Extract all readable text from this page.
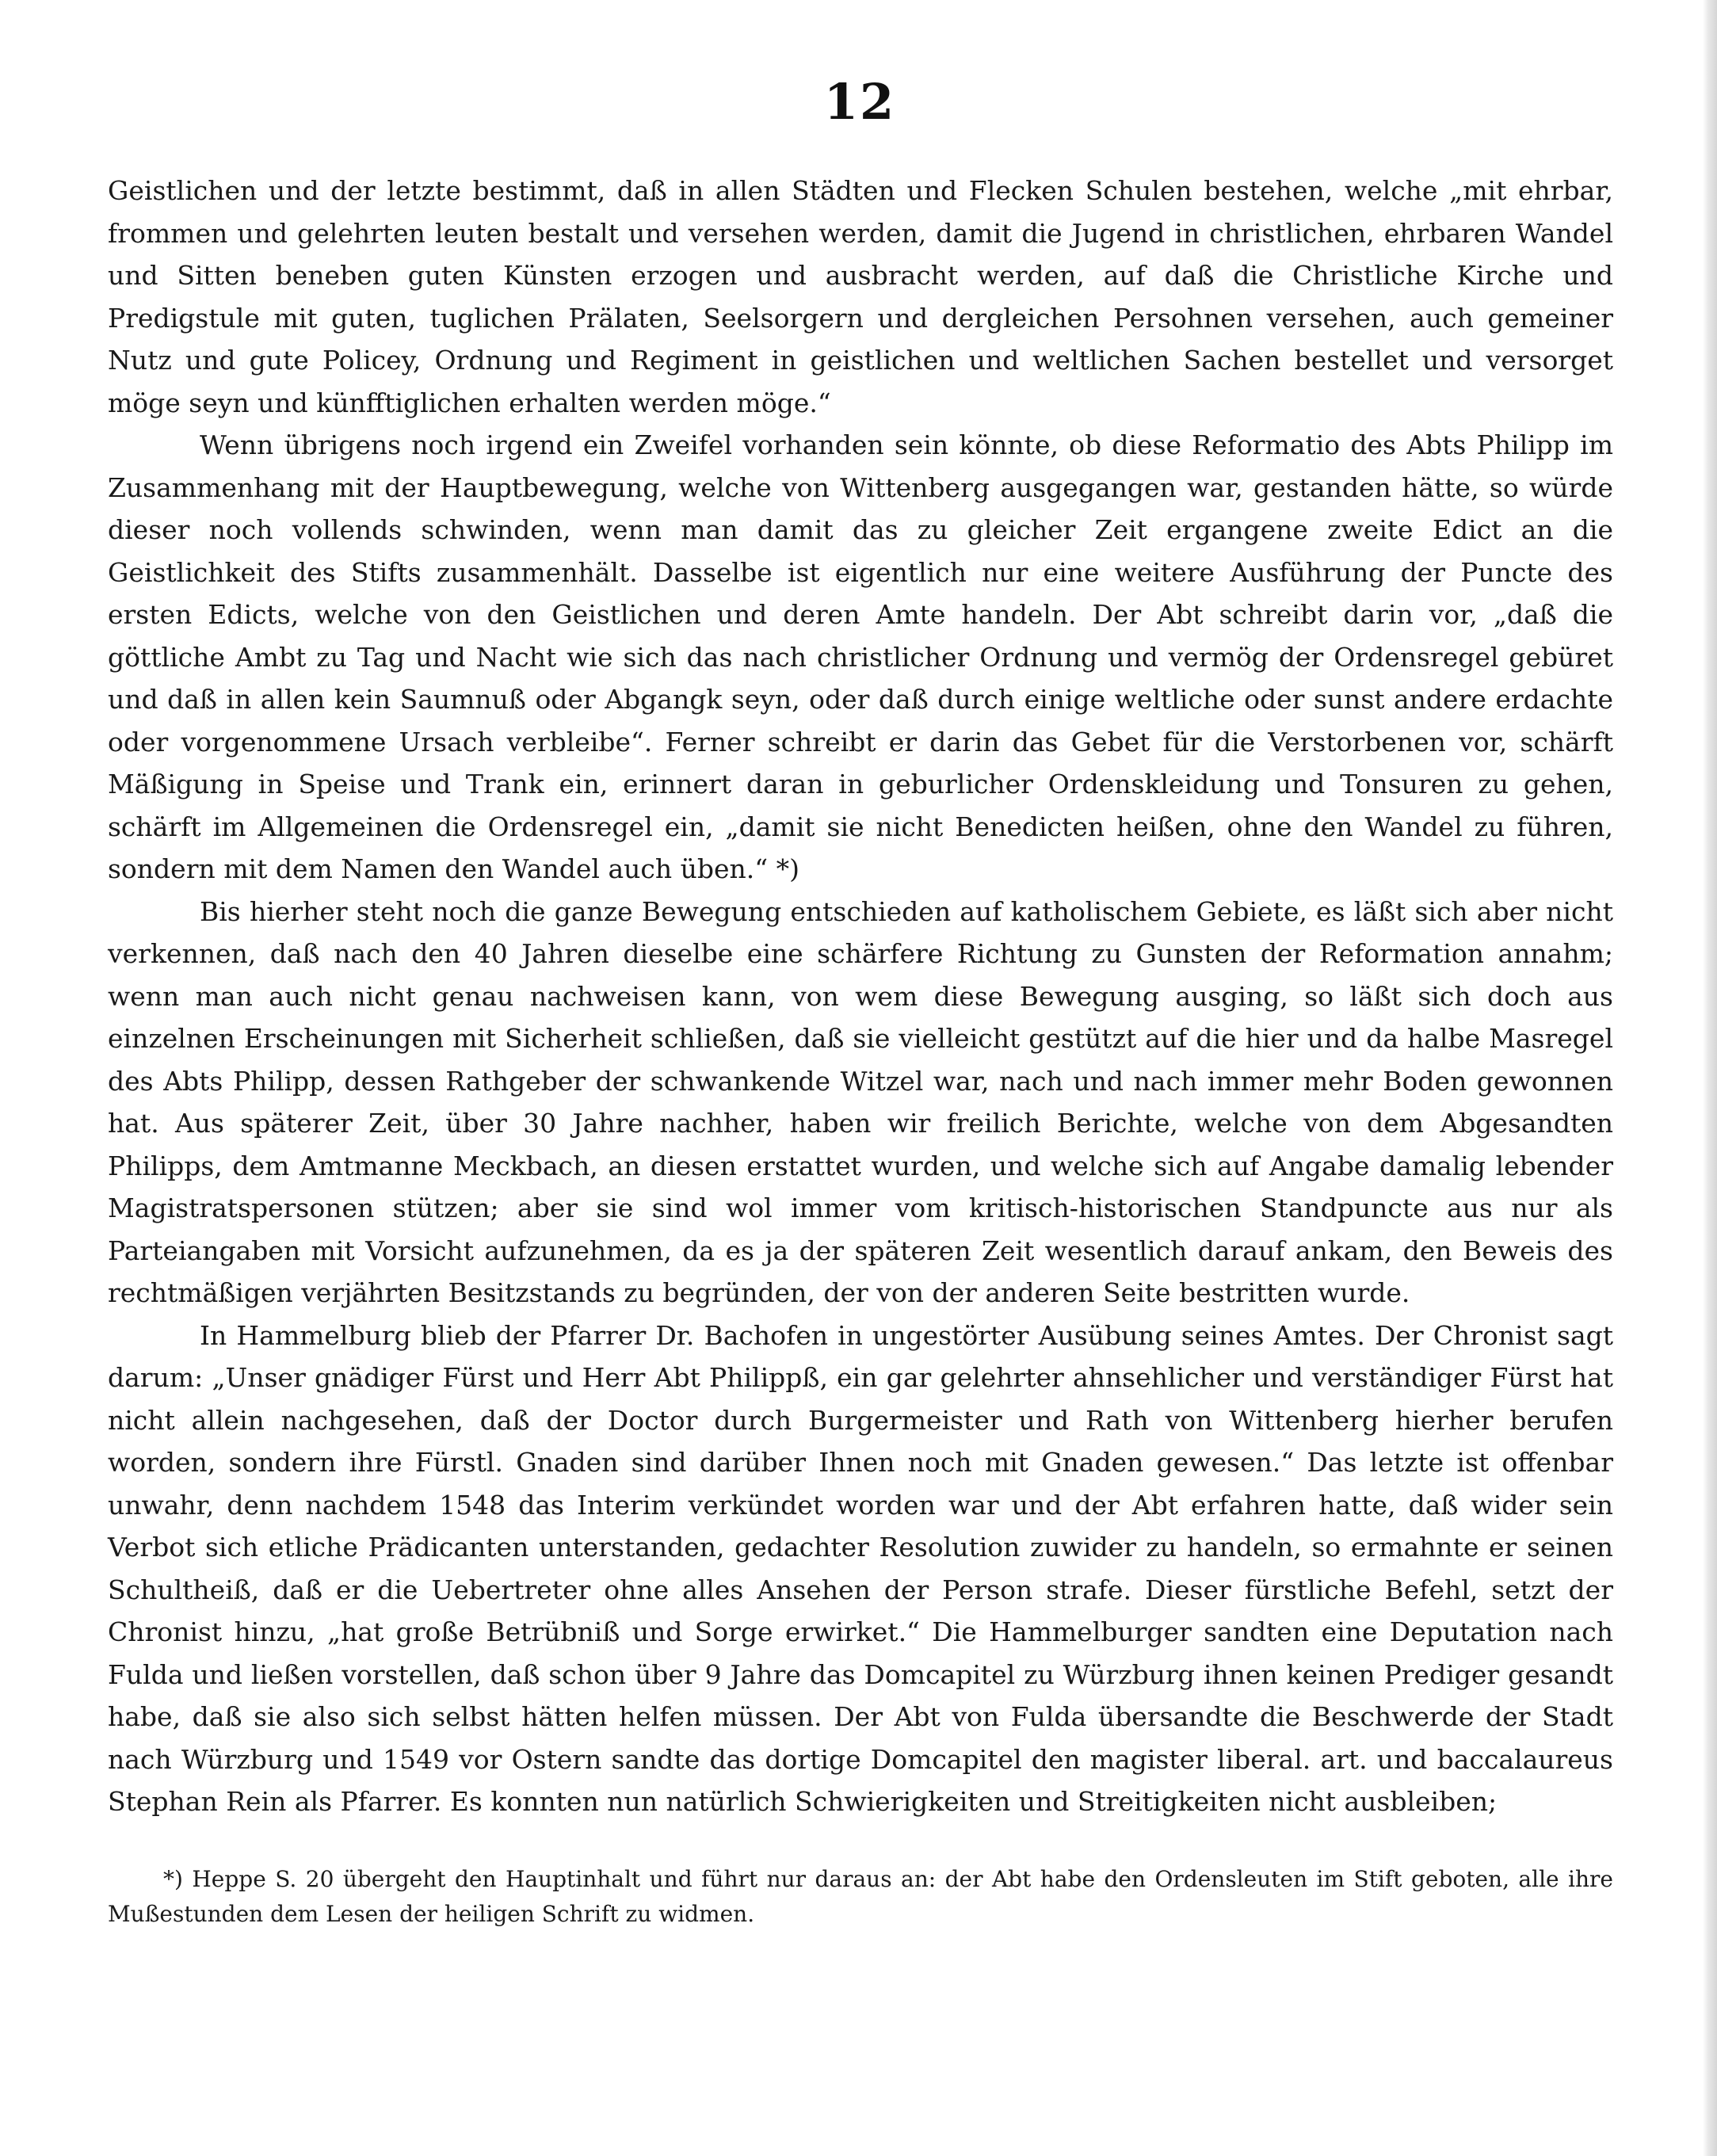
12

Geistlichen und der letzte bestimmt, daß in allen Städten und Flecken Schulen bestehen, welche „mit ehrbar, frommen und gelehrten leuten bestalt und versehen werden, damit die Jugend in christlichen, ehrbaren Wandel und Sitten beneben guten Künsten erzogen und ausbracht werden, auf daß die Christliche Kirche und Predigstule mit guten, tuglichen Prälaten, Seelsorgern und dergleichen Persohnen versehen, auch gemeiner Nutz und gute Policey, Ordnung und Regiment in geistlichen und weltlichen Sachen bestellet und versorget möge seyn und künfftiglichen erhalten werden möge.“

Wenn übrigens noch irgend ein Zweifel vorhanden sein könnte, ob diese Reformatio des Abts Philipp im Zusammenhang mit der Hauptbewegung, welche von Wittenberg ausgegangen war, gestanden hätte, so würde dieser noch vollends schwinden, wenn man damit das zu gleicher Zeit ergangene zweite Edict an die Geistlichkeit des Stifts zusammenhält. Dasselbe ist eigentlich nur eine weitere Ausführung der Puncte des ersten Edicts, welche von den Geistlichen und deren Amte handeln. Der Abt schreibt darin vor, „daß die göttliche Ambt zu Tag und Nacht wie sich das nach christlicher Ordnung und vermög der Ordensregel gebüret und daß in allen kein Saumnuß oder Abgangk seyn, oder daß durch einige weltliche oder sunst andere erdachte oder vorgenommene Ursach verbleibe“. Ferner schreibt er darin das Gebet für die Verstorbenen vor, schärft Mäßigung in Speise und Trank ein, erinnert daran in geburlicher Ordenskleidung und Tonsuren zu gehen, schärft im Allgemeinen die Ordensregel ein, „damit sie nicht Benedicten heißen, ohne den Wandel zu führen, sondern mit dem Namen den Wandel auch üben.“ *)

Bis hierher steht noch die ganze Bewegung entschieden auf katholischem Gebiete, es läßt sich aber nicht verkennen, daß nach den 40 Jahren dieselbe eine schärfere Richtung zu Gunsten der Reformation annahm; wenn man auch nicht genau nachweisen kann, von wem diese Bewegung ausging, so läßt sich doch aus einzelnen Erscheinungen mit Sicherheit schließen, daß sie vielleicht gestützt auf die hier und da halbe Masregel des Abts Philipp, dessen Rathgeber der schwankende Witzel war, nach und nach immer mehr Boden gewonnen hat. Aus späterer Zeit, über 30 Jahre nachher, haben wir freilich Berichte, welche von dem Abgesandten Philipps, dem Amtmanne Meckbach, an diesen erstattet wurden, und welche sich auf Angabe damalig lebender Magistratspersonen stützen; aber sie sind wol immer vom kritisch-historischen Standpuncte aus nur als Parteiangaben mit Vorsicht aufzunehmen, da es ja der späteren Zeit wesentlich darauf ankam, den Beweis des rechtmäßigen verjährten Besitzstands zu begründen, der von der anderen Seite bestritten wurde.

In Hammelburg blieb der Pfarrer Dr. Bachofen in ungestörter Ausübung seines Amtes. Der Chronist sagt darum: „Unser gnädiger Fürst und Herr Abt Philippß, ein gar gelehrter ahnsehlicher und verständiger Fürst hat nicht allein nachgesehen, daß der Doctor durch Burgermeister und Rath von Wittenberg hierher berufen worden, sondern ihre Fürstl. Gnaden sind darüber Ihnen noch mit Gnaden gewesen.“ Das letzte ist offenbar unwahr, denn nachdem 1548 das Interim verkündet worden war und der Abt erfahren hatte, daß wider sein Verbot sich etliche Prädicanten unterstanden, gedachter Resolution zuwider zu handeln, so ermahnte er seinen Schultheiß, daß er die Uebertreter ohne alles Ansehen der Person strafe. Dieser fürstliche Befehl, setzt der Chronist hinzu, „hat große Betrübniß und Sorge erwirket.“ Die Hammelburger sandten eine Deputation nach Fulda und ließen vorstellen, daß schon über 9 Jahre das Domcapitel zu Würzburg ihnen keinen Prediger gesandt habe, daß sie also sich selbst hätten helfen müssen. Der Abt von Fulda übersandte die Beschwerde der Stadt nach Würzburg und 1549 vor Ostern sandte das dortige Domcapitel den magister liberal. art. und baccalaureus Stephan Rein als Pfarrer. Es konnten nun natürlich Schwierigkeiten und Streitigkeiten nicht ausbleiben;

*) Heppe S. 20 übergeht den Hauptinhalt und führt nur daraus an: der Abt habe den Ordensleuten im Stift geboten, alle ihre Mußestunden dem Lesen der heiligen Schrift zu widmen.
